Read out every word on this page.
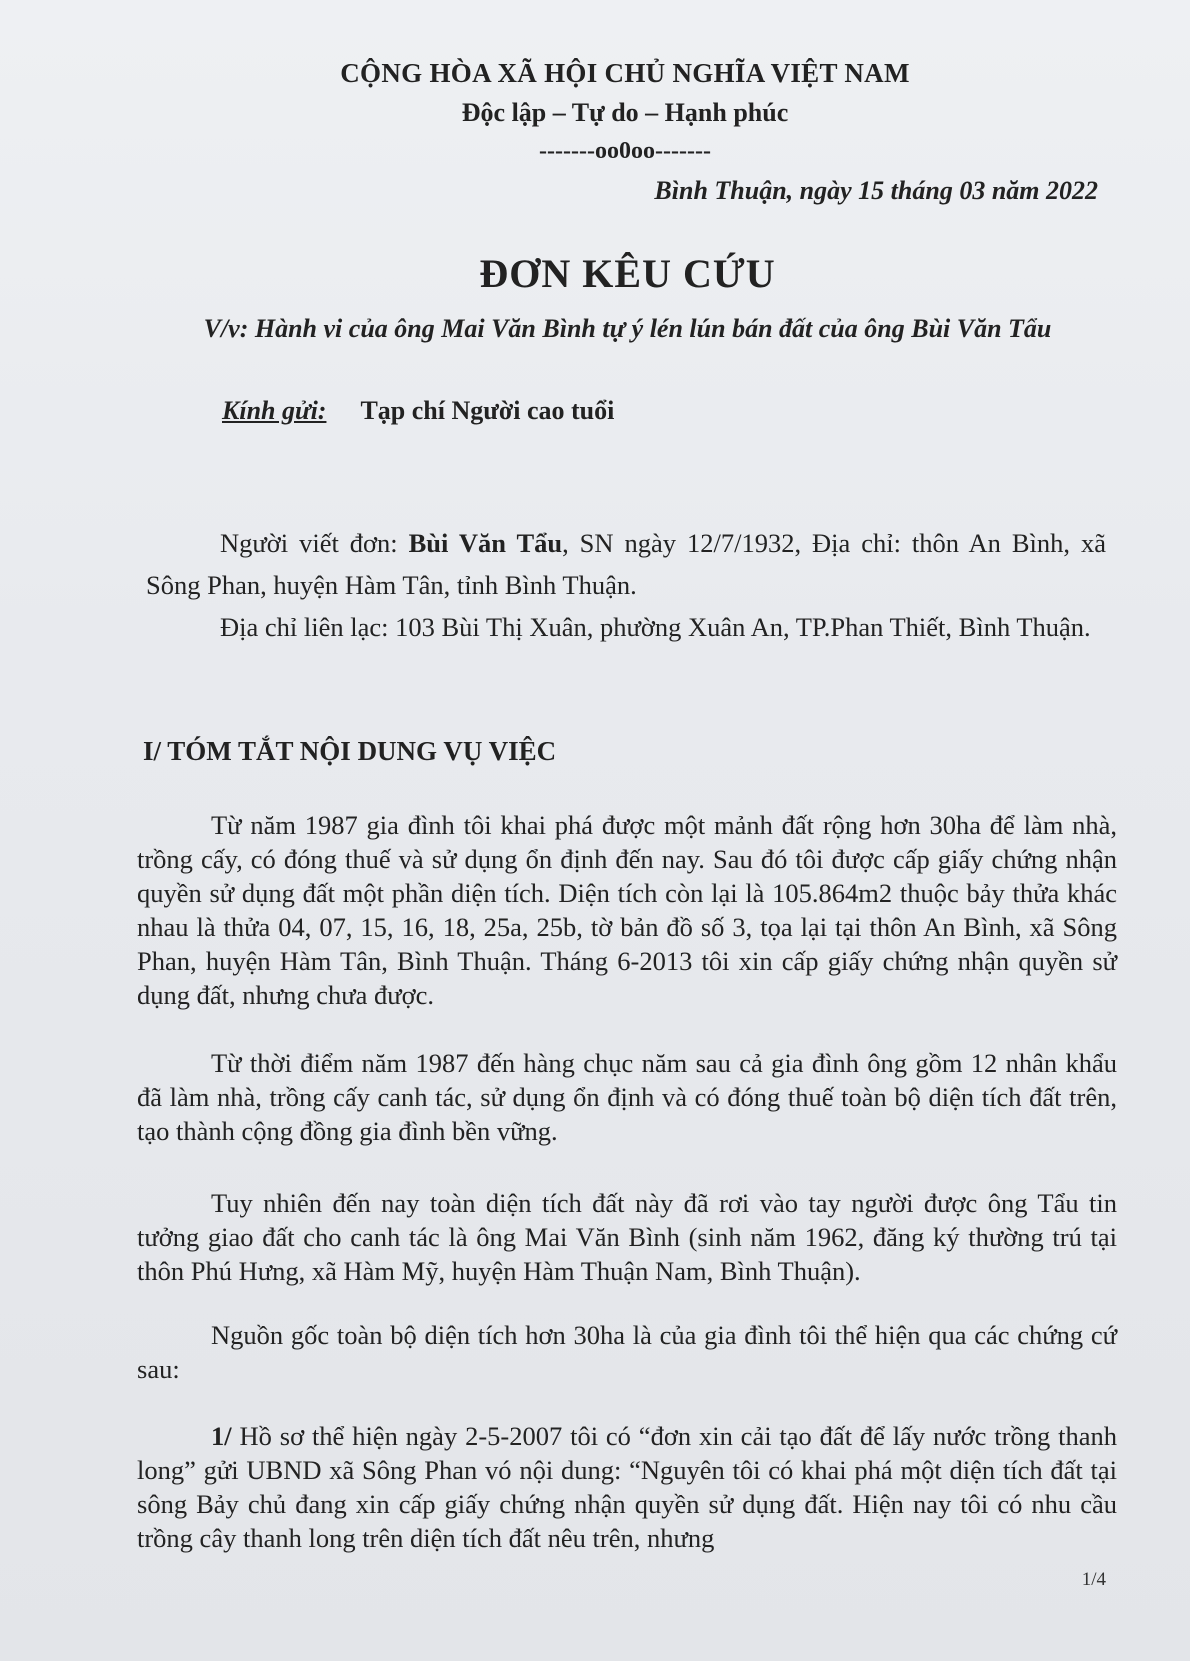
CỘNG HÒA XÃ HỘI CHỦ NGHĨA VIỆT NAM
Độc lập – Tự do – Hạnh phúc
-------oo0oo-------
Bình Thuận, ngày 15 tháng 03 năm 2022
ĐƠN KÊU CỨU
V/v: Hành vi của ông Mai Văn Bình tự ý lén lún bán đất của ông Bùi Văn Tẩu
Kính gửi: Tạp chí Người cao tuổi

Người viết đơn: Bùi Văn Tẩu, SN ngày 12/7/1932, Địa chỉ: thôn An Bình, xã Sông Phan, huyện Hàm Tân, tỉnh Bình Thuận.

Địa chỉ liên lạc: 103 Bùi Thị Xuân, phường Xuân An, TP.Phan Thiết, Bình Thuận.

I/ TÓM TẮT NỘI DUNG VỤ VIỆC

Từ năm 1987 gia đình tôi khai phá được một mảnh đất rộng hơn 30ha để làm nhà, trồng cấy, có đóng thuế và sử dụng ổn định đến nay. Sau đó tôi được cấp giấy chứng nhận quyền sử dụng đất một phần diện tích. Diện tích còn lại là 105.864m2 thuộc bảy thửa khác nhau là thửa 04, 07, 15, 16, 18, 25a, 25b, tờ bản đồ số 3, tọa lại tại thôn An Bình, xã Sông Phan, huyện Hàm Tân, Bình Thuận. Tháng 6-2013 tôi xin cấp giấy chứng nhận quyền sử dụng đất, nhưng chưa được.

Từ thời điểm năm 1987 đến hàng chục năm sau cả gia đình ông gồm 12 nhân khẩu đã làm nhà, trồng cấy canh tác, sử dụng ổn định và có đóng thuế toàn bộ diện tích đất trên, tạo thành cộng đồng gia đình bền vững.

Tuy nhiên đến nay toàn diện tích đất này đã rơi vào tay người được ông Tẩu tin tưởng giao đất cho canh tác là ông Mai Văn Bình (sinh năm 1962, đăng ký thường trú tại thôn Phú Hưng, xã Hàm Mỹ, huyện Hàm Thuận Nam, Bình Thuận).

Nguồn gốc toàn bộ diện tích hơn 30ha là của gia đình tôi thể hiện qua các chứng cứ sau:

1/ Hồ sơ thể hiện ngày 2-5-2007 tôi có “đơn xin cải tạo đất để lấy nước trồng thanh long” gửi UBND xã Sông Phan vó nội dung: “Nguyên tôi có khai phá một diện tích đất tại sông Bảy chủ đang xin cấp giấy chứng nhận quyền sử dụng đất. Hiện nay tôi có nhu cầu trồng cây thanh long trên diện tích đất nêu trên, nhưng

1/4
